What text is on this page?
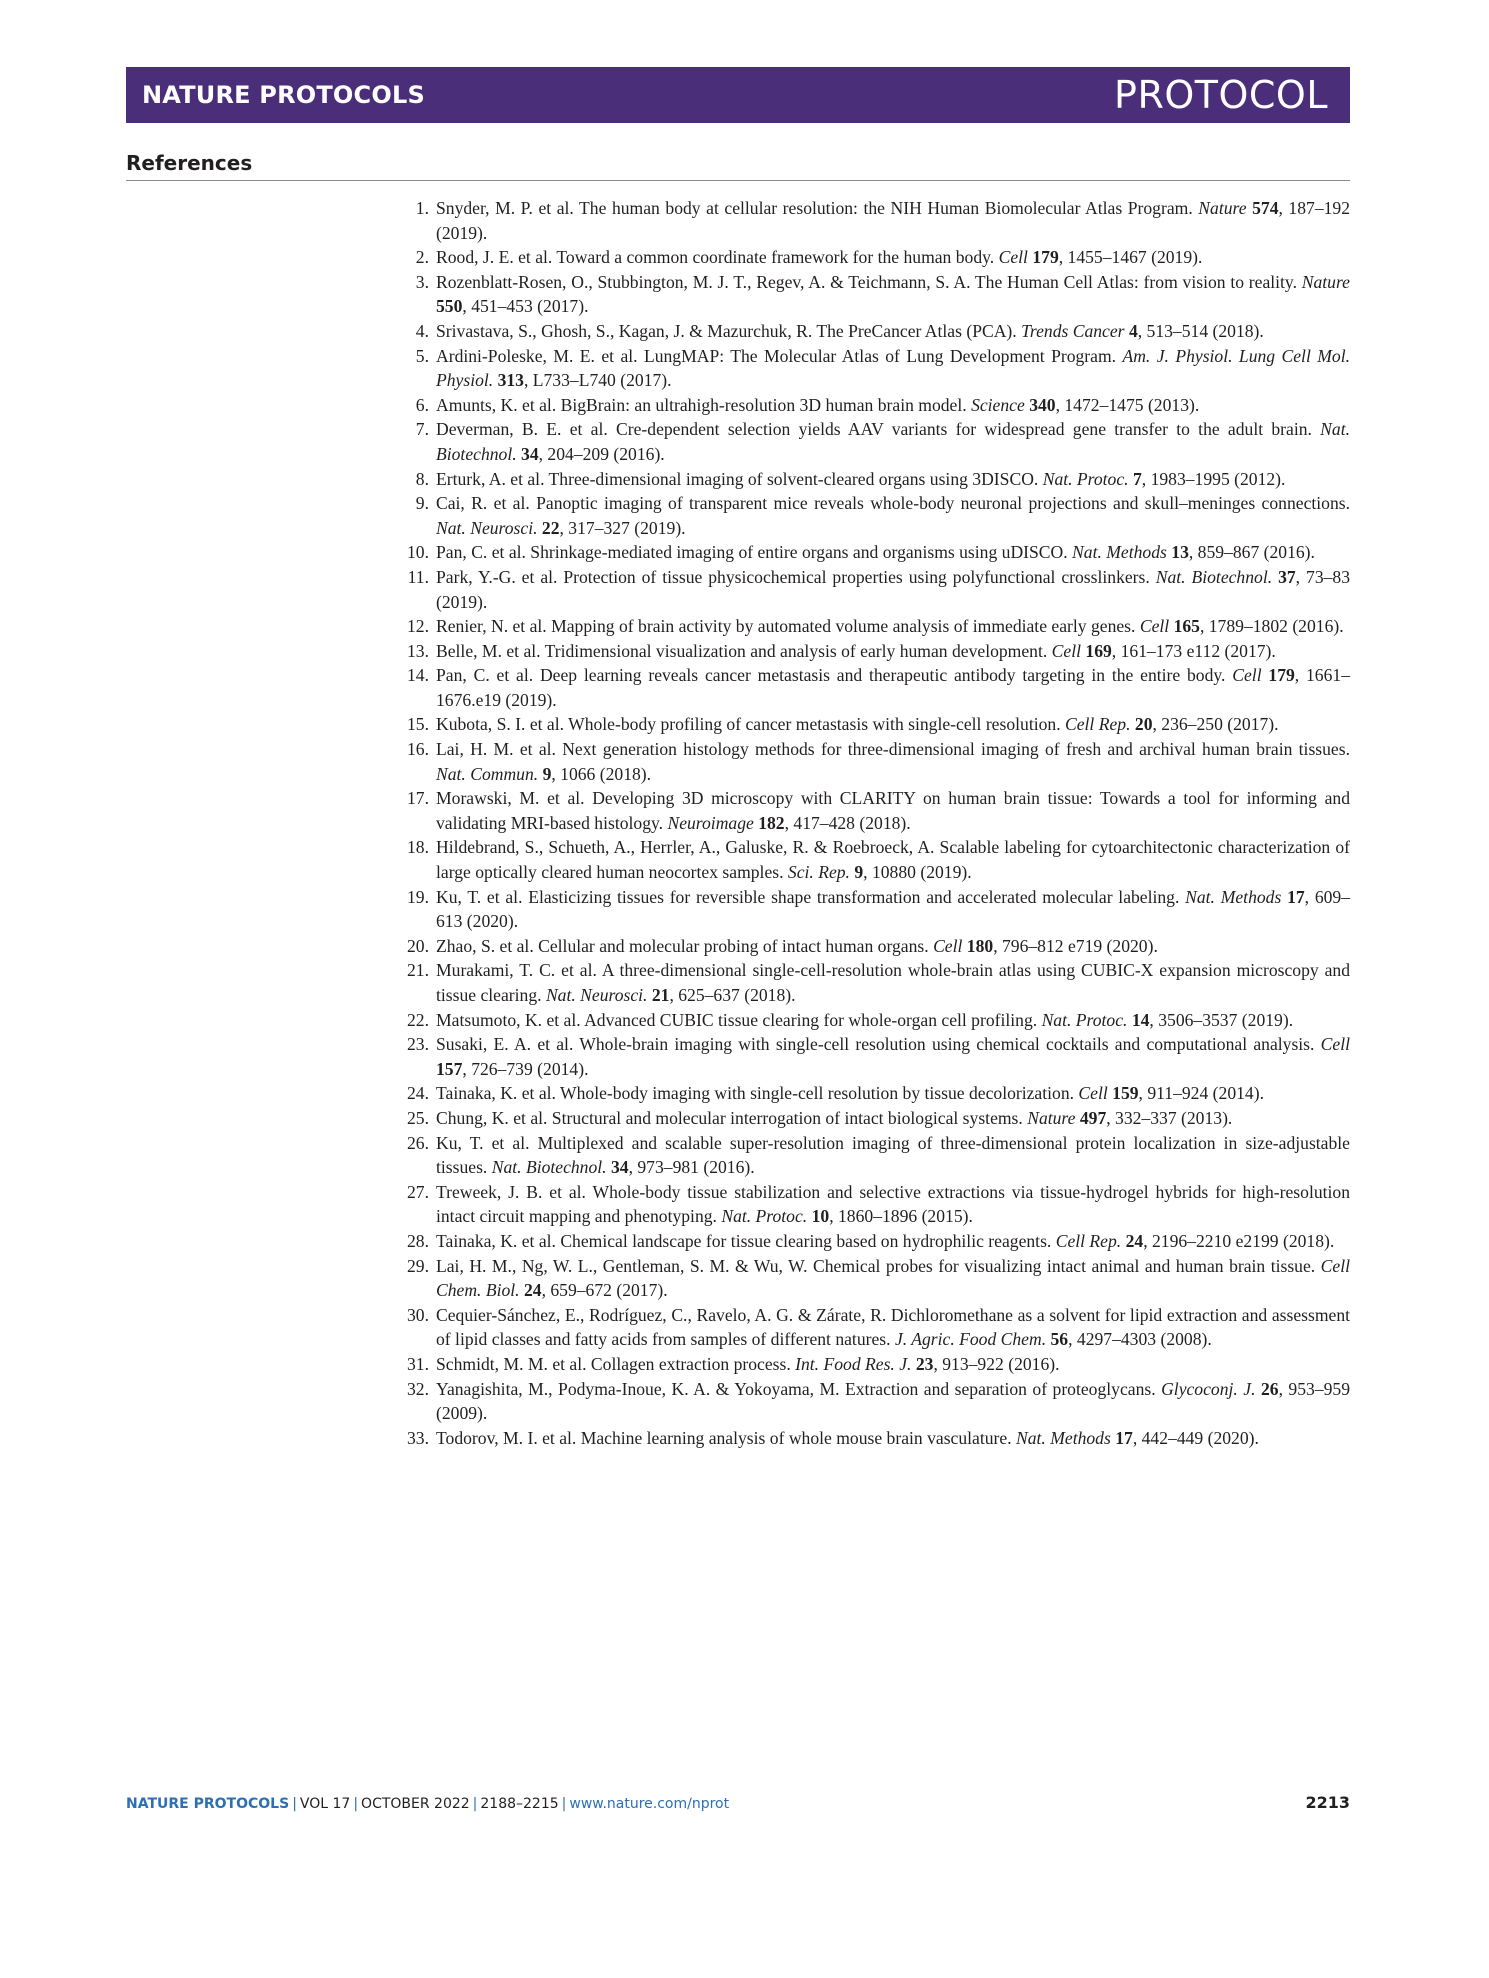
NATURE PROTOCOLS	PROTOCOL
References
1. Snyder, M. P. et al. The human body at cellular resolution: the NIH Human Biomolecular Atlas Program. Nature 574, 187–192 (2019).
2. Rood, J. E. et al. Toward a common coordinate framework for the human body. Cell 179, 1455–1467 (2019).
3. Rozenblatt-Rosen, O., Stubbington, M. J. T., Regev, A. & Teichmann, S. A. The Human Cell Atlas: from vision to reality. Nature 550, 451–453 (2017).
4. Srivastava, S., Ghosh, S., Kagan, J. & Mazurchuk, R. The PreCancer Atlas (PCA). Trends Cancer 4, 513–514 (2018).
5. Ardini-Poleske, M. E. et al. LungMAP: The Molecular Atlas of Lung Development Program. Am. J. Physiol. Lung Cell Mol. Physiol. 313, L733–L740 (2017).
6. Amunts, K. et al. BigBrain: an ultrahigh-resolution 3D human brain model. Science 340, 1472–1475 (2013).
7. Deverman, B. E. et al. Cre-dependent selection yields AAV variants for widespread gene transfer to the adult brain. Nat. Biotechnol. 34, 204–209 (2016).
8. Erturk, A. et al. Three-dimensional imaging of solvent-cleared organs using 3DISCO. Nat. Protoc. 7, 1983–1995 (2012).
9. Cai, R. et al. Panoptic imaging of transparent mice reveals whole-body neuronal projections and skull–meninges connections. Nat. Neurosci. 22, 317–327 (2019).
10. Pan, C. et al. Shrinkage-mediated imaging of entire organs and organisms using uDISCO. Nat. Methods 13, 859–867 (2016).
11. Park, Y.-G. et al. Protection of tissue physicochemical properties using polyfunctional crosslinkers. Nat. Biotechnol. 37, 73–83 (2019).
12. Renier, N. et al. Mapping of brain activity by automated volume analysis of immediate early genes. Cell 165, 1789–1802 (2016).
13. Belle, M. et al. Tridimensional visualization and analysis of early human development. Cell 169, 161–173 e112 (2017).
14. Pan, C. et al. Deep learning reveals cancer metastasis and therapeutic antibody targeting in the entire body. Cell 179, 1661–1676.e19 (2019).
15. Kubota, S. I. et al. Whole-body profiling of cancer metastasis with single-cell resolution. Cell Rep. 20, 236–250 (2017).
16. Lai, H. M. et al. Next generation histology methods for three-dimensional imaging of fresh and archival human brain tissues. Nat. Commun. 9, 1066 (2018).
17. Morawski, M. et al. Developing 3D microscopy with CLARITY on human brain tissue: Towards a tool for informing and validating MRI-based histology. Neuroimage 182, 417–428 (2018).
18. Hildebrand, S., Schueth, A., Herrler, A., Galuske, R. & Roebroeck, A. Scalable labeling for cytoarchitectonic characterization of large optically cleared human neocortex samples. Sci. Rep. 9, 10880 (2019).
19. Ku, T. et al. Elasticizing tissues for reversible shape transformation and accelerated molecular labeling. Nat. Methods 17, 609–613 (2020).
20. Zhao, S. et al. Cellular and molecular probing of intact human organs. Cell 180, 796–812 e719 (2020).
21. Murakami, T. C. et al. A three-dimensional single-cell-resolution whole-brain atlas using CUBIC-X expansion microscopy and tissue clearing. Nat. Neurosci. 21, 625–637 (2018).
22. Matsumoto, K. et al. Advanced CUBIC tissue clearing for whole-organ cell profiling. Nat. Protoc. 14, 3506–3537 (2019).
23. Susaki, E. A. et al. Whole-brain imaging with single-cell resolution using chemical cocktails and computational analysis. Cell 157, 726–739 (2014).
24. Tainaka, K. et al. Whole-body imaging with single-cell resolution by tissue decolorization. Cell 159, 911–924 (2014).
25. Chung, K. et al. Structural and molecular interrogation of intact biological systems. Nature 497, 332–337 (2013).
26. Ku, T. et al. Multiplexed and scalable super-resolution imaging of three-dimensional protein localization in size-adjustable tissues. Nat. Biotechnol. 34, 973–981 (2016).
27. Treweek, J. B. et al. Whole-body tissue stabilization and selective extractions via tissue-hydrogel hybrids for high-resolution intact circuit mapping and phenotyping. Nat. Protoc. 10, 1860–1896 (2015).
28. Tainaka, K. et al. Chemical landscape for tissue clearing based on hydrophilic reagents. Cell Rep. 24, 2196–2210 e2199 (2018).
29. Lai, H. M., Ng, W. L., Gentleman, S. M. & Wu, W. Chemical probes for visualizing intact animal and human brain tissue. Cell Chem. Biol. 24, 659–672 (2017).
30. Cequier-Sánchez, E., Rodríguez, C., Ravelo, A. G. & Zárate, R. Dichloromethane as a solvent for lipid extraction and assessment of lipid classes and fatty acids from samples of different natures. J. Agric. Food Chem. 56, 4297–4303 (2008).
31. Schmidt, M. M. et al. Collagen extraction process. Int. Food Res. J. 23, 913–922 (2016).
32. Yanagishita, M., Podyma-Inoue, K. A. & Yokoyama, M. Extraction and separation of proteoglycans. Glycoconj. J. 26, 953–959 (2009).
33. Todorov, M. I. et al. Machine learning analysis of whole mouse brain vasculature. Nat. Methods 17, 442–449 (2020).
NATURE PROTOCOLS | VOL 17 | OCTOBER 2022 | 2188–2215 | www.nature.com/nprot	2213
